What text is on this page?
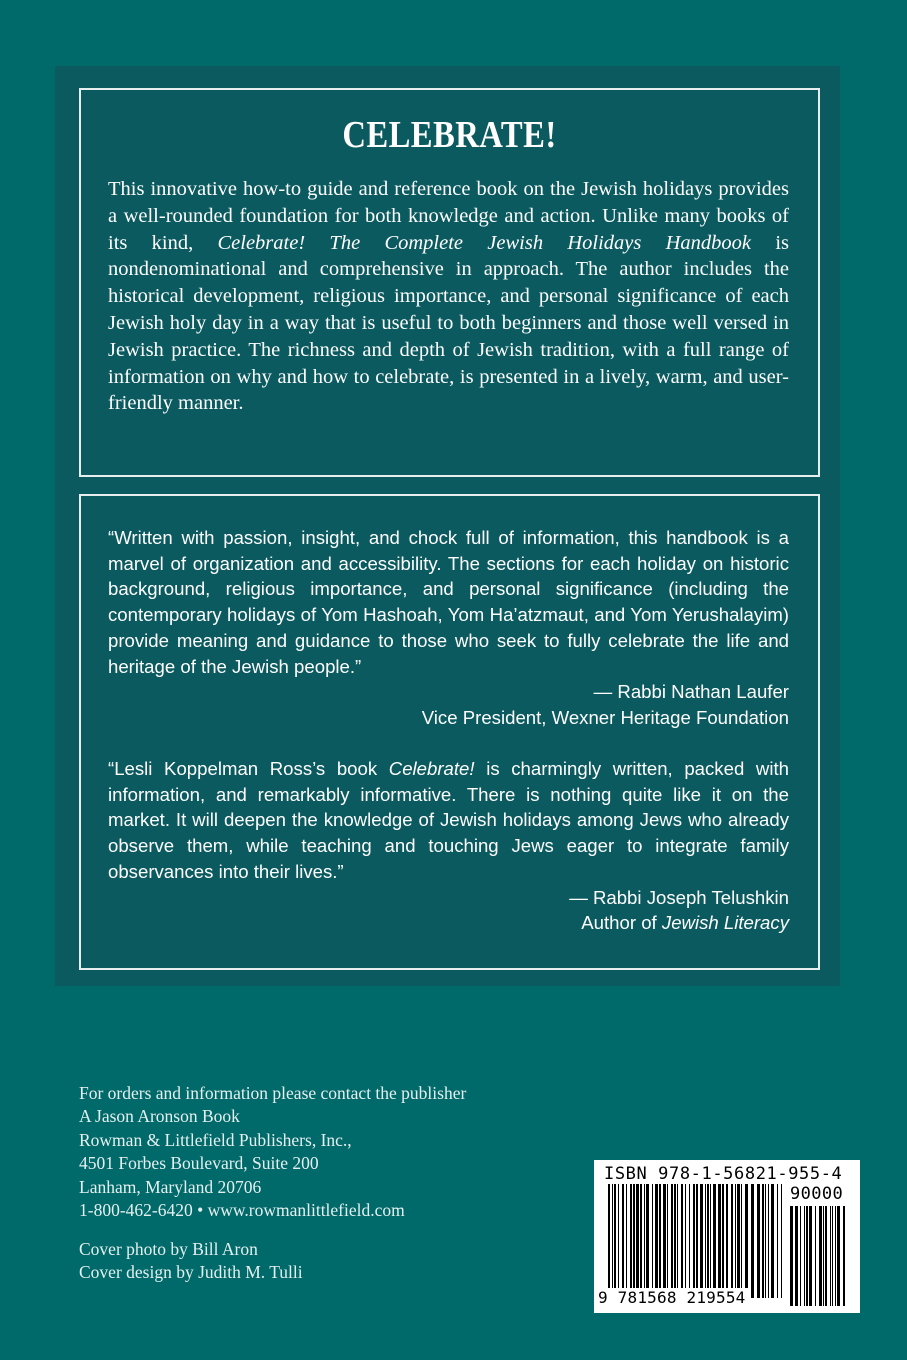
CELEBRATE!

This innovative how-to guide and reference book on the Jewish holidays provides a well-rounded foundation for both knowledge and action. Unlike many books of its kind, Celebrate! The Complete Jewish Holidays Handbook is nondenominational and comprehensive in approach. The author includes the historical development, religious importance, and personal significance of each Jewish holy day in a way that is useful to both beginners and those well versed in Jewish practice. The richness and depth of Jewish tradition, with a full range of information on why and how to celebrate, is presented in a lively, warm, and user-friendly manner.

“Written with passion, insight, and chock full of information, this handbook is a marvel of organization and accessibility. The sections for each holiday on historic background, religious importance, and personal significance (including the contemporary holidays of Yom Hashoah, Yom Ha’atzmaut, and Yom Yerushalayim) provide meaning and guidance to those who seek to fully celebrate the life and heritage of the Jewish people.”
— Rabbi Nathan Laufer
Vice President, Wexner Heritage Foundation
“Lesli Koppelman Ross’s book Celebrate! is charmingly written, packed with information, and remarkably informative. There is nothing quite like it on the market. It will deepen the knowledge of Jewish holidays among Jews who already observe them, while teaching and touching Jews eager to integrate family observances into their lives.”
— Rabbi Joseph Telushkin
Author of Jewish Literacy
For orders and information please contact the publisher
A Jason Aronson Book
Rowman & Littlefield Publishers, Inc.,
4501 Forbes Boulevard, Suite 200
Lanham, Maryland 20706
1-800-462-6420 • www.rowmanlittlefield.com
Cover photo by Bill Aron
Cover design by Judith M. Tulli
ISBN 978-1-56821-955-4
90000
9 781568 219554
